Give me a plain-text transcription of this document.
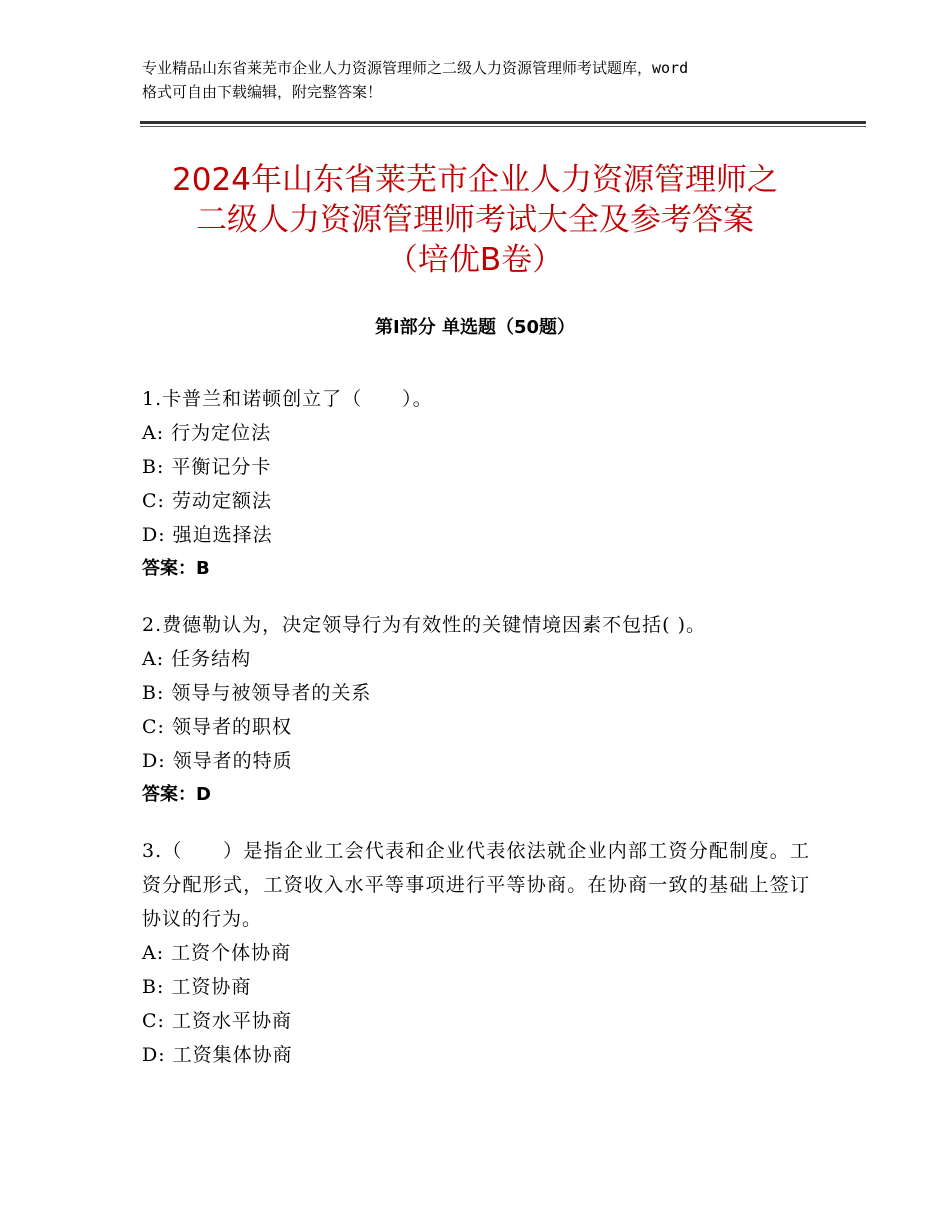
专业精品山东省莱芜市企业人力资源管理师之二级人力资源管理师考试题库，word
格式可自由下载编辑，附完整答案！
2024年山东省莱芜市企业人力资源管理师之
二级人力资源管理师考试大全及参考答案
（培优B卷）
第Ⅰ部分 单选题（50题）
1.卡普兰和诺顿创立了（　　）。
A: 行为定位法
B: 平衡记分卡
C: 劳动定额法
D: 强迫选择法
答案：B
2.费德勒认为，决定领导行为有效性的关键情境因素不包括( )。
A: 任务结构
B: 领导与被领导者的关系
C: 领导者的职权
D: 领导者的特质
答案：D
3.（　　）是指企业工会代表和企业代表依法就企业内部工资分配制度。工资分配形式，工资收入水平等事项进行平等协商。在协商一致的基础上签订协议的行为。
A: 工资个体协商
B: 工资协商
C: 工资水平协商
D: 工资集体协商
